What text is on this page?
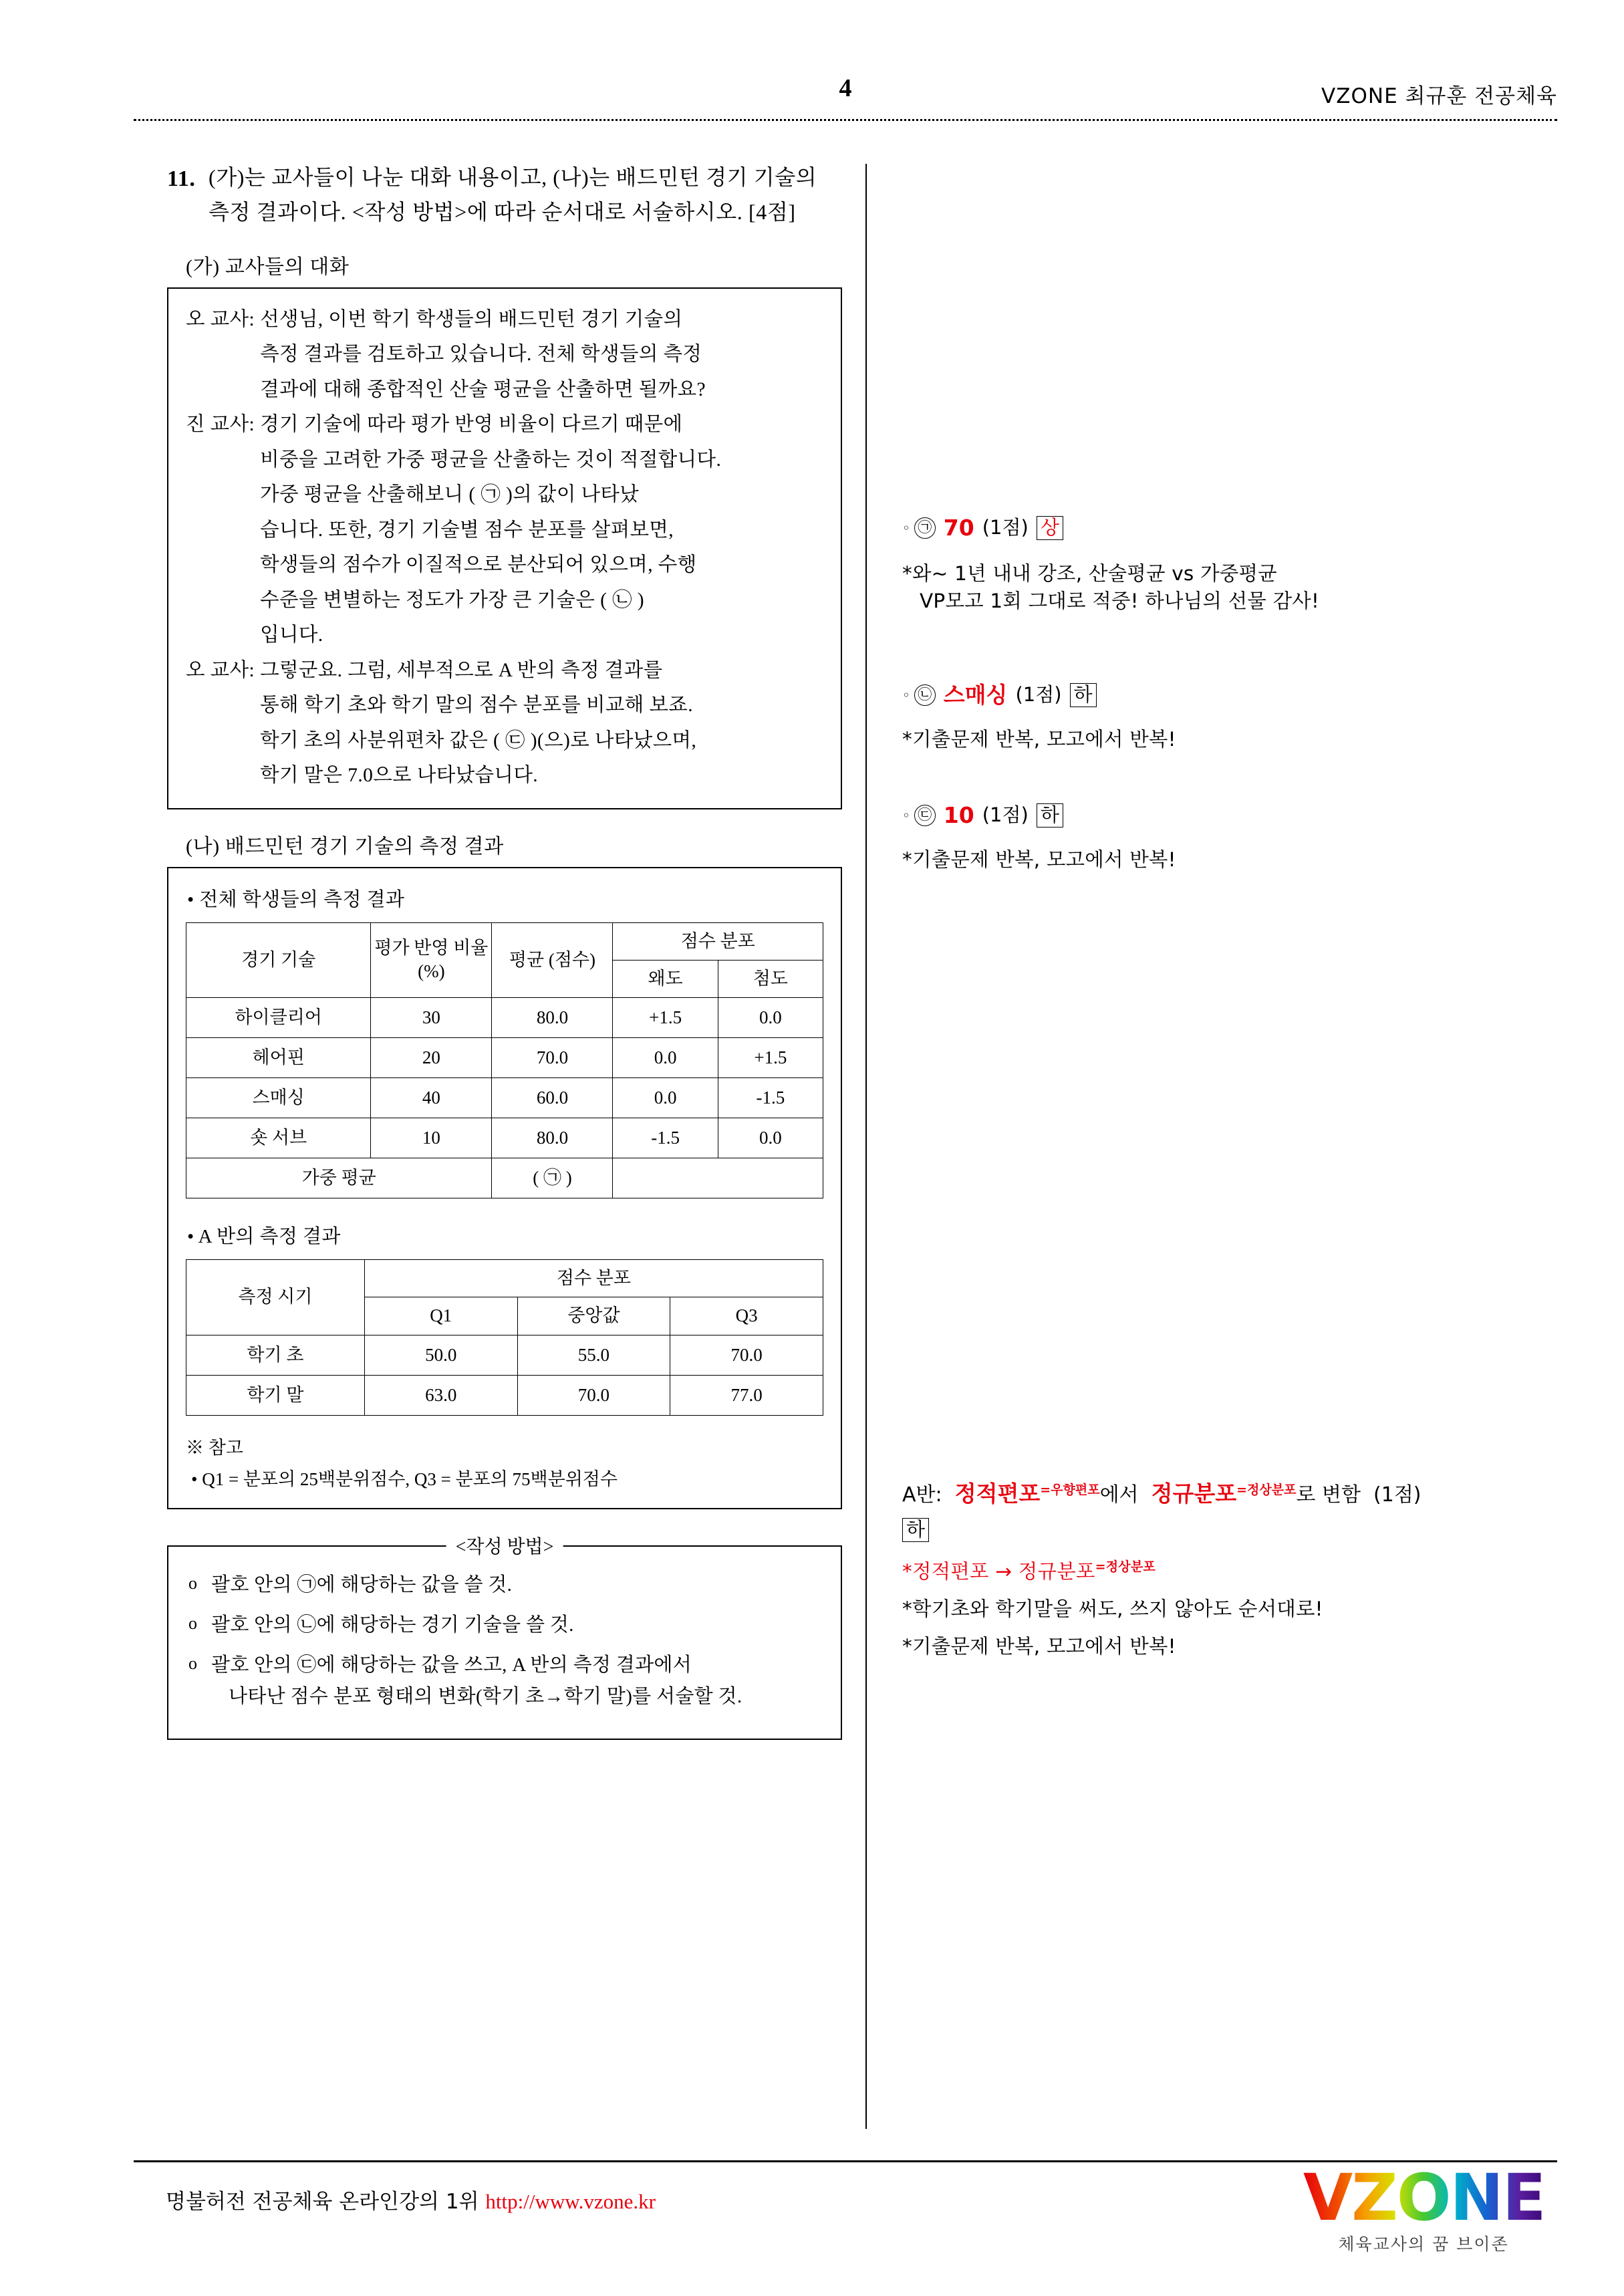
4	VZONE 최규훈 전공체육
11. (가)는 교사들이 나눈 대화 내용이고, (나)는 배드민턴 경기 기술의 측정 결과이다. <작성 방법>에 따라 순서대로 서술하시오. [4점]
(가) 교사들의 대화
오 교사: 선생님, 이번 학기 학생들의 배드민턴 경기 기술의
측정 결과를 검토하고 있습니다. 전체 학생들의 측정
결과에 대해 종합적인 산술 평균을 산출하면 될까요?
진 교사: 경기 기술에 따라 평가 반영 비율이 다르기 때문에
비중을 고려한 가중 평균을 산출하는 것이 적절합니다.
가중 평균을 산출해보니 ( ㉠ )의 값이 나타났
습니다. 또한, 경기 기술별 점수 분포를 살펴보면,
학생들의 점수가 이질적으로 분산되어 있으며, 수행
수준을 변별하는 정도가 가장 큰 기술은 ( ㉡ )
입니다.
오 교사: 그렇군요. 그럼, 세부적으로 A 반의 측정 결과를
통해 학기 초와 학기 말의 점수 분포를 비교해 보죠.
학기 초의 사분위편차 값은 ( ㉢ )(으)로 나타났으며,
학기 말은 7.0으로 나타났습니다.
(나) 배드민턴 경기 기술의 측정 결과
• 전체 학생들의 측정 결과
경기 기술	평가 반영 비율(%)	평균 (점수)	점수 분포	
			왜도	첨도
하이클리어	30	80.0	+1.5	0.0
헤어핀	20	70.0	0.0	+1.5
스매싱	40	60.0	0.0	-1.5
숏 서브	10	80.0	-1.5	0.0
가중 평균		( ㉠ )		
• A 반의 측정 결과
측정 시기	점수 분포		
	Q1	중앙값	Q3
학기 초	50.0	55.0	70.0
학기 말	63.0	70.0	77.0
※ 참고
• Q1 = 분포의 25백분위점수, Q3 = 분포의 75백분위점수
<작성 방법>
o 괄호 안의 ㉠에 해당하는 값을 쓸 것.
o 괄호 안의 ㉡에 해당하는 경기 기술을 쓸 것.
o 괄호 안의 ㉢에 해당하는 값을 쓰고, A 반의 측정 결과에서
나타난 점수 분포 형태의 변화(학기 초→학기 말)를 서술할 것.
◦ ㉠ 70 (1점) 상
*와~ 1년 내내 강조, 산술평균 vs 가중평균
VP모고 1회 그대로 적중! 하나님의 선물 감사!
◦ ㉡ 스매싱 (1점) 하
*기출문제 반복, 모고에서 반복!
◦ ㉢ 10 (1점) 하
*기출문제 반복, 모고에서 반복!
A반: 정적편포$^{=우향편포}$에서 정규분포$^{=정상분포}$로 변함 (1점)
하
*정적편포 → 정규분포$^{=정상분포}$
*학기초와 학기말을 써도, 쓰지 않아도 순서대로!
*기출문제 반복, 모고에서 반복!
명불허전 전공체육 온라인강의 1위 http://www.vzone.kr	VZONE
체육교사의 꿈 브이존
